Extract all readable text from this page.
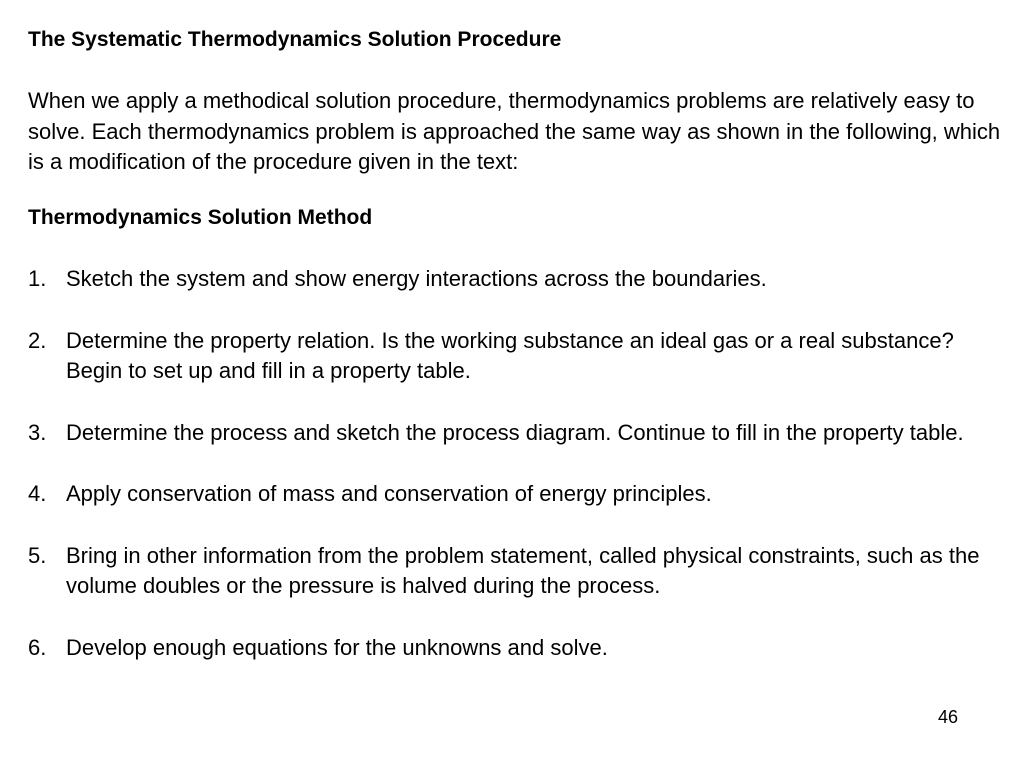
The Systematic Thermodynamics Solution Procedure
When we apply a methodical solution procedure, thermodynamics problems are relatively easy to solve. Each thermodynamics problem is approached the same way as shown in the following, which is a modification of the procedure given in the text:
Thermodynamics Solution Method
1. Sketch the system and show energy interactions across the boundaries.
2. Determine the property relation. Is the working substance an ideal gas or a real substance? Begin to set up and fill in a property table.
3. Determine the process and sketch the process diagram. Continue to fill in the property table.
4. Apply conservation of mass and conservation of energy principles.
5. Bring in other information from the problem statement, called physical constraints, such as the volume doubles or the pressure is halved during the process.
6. Develop enough equations for the unknowns and solve.
46
